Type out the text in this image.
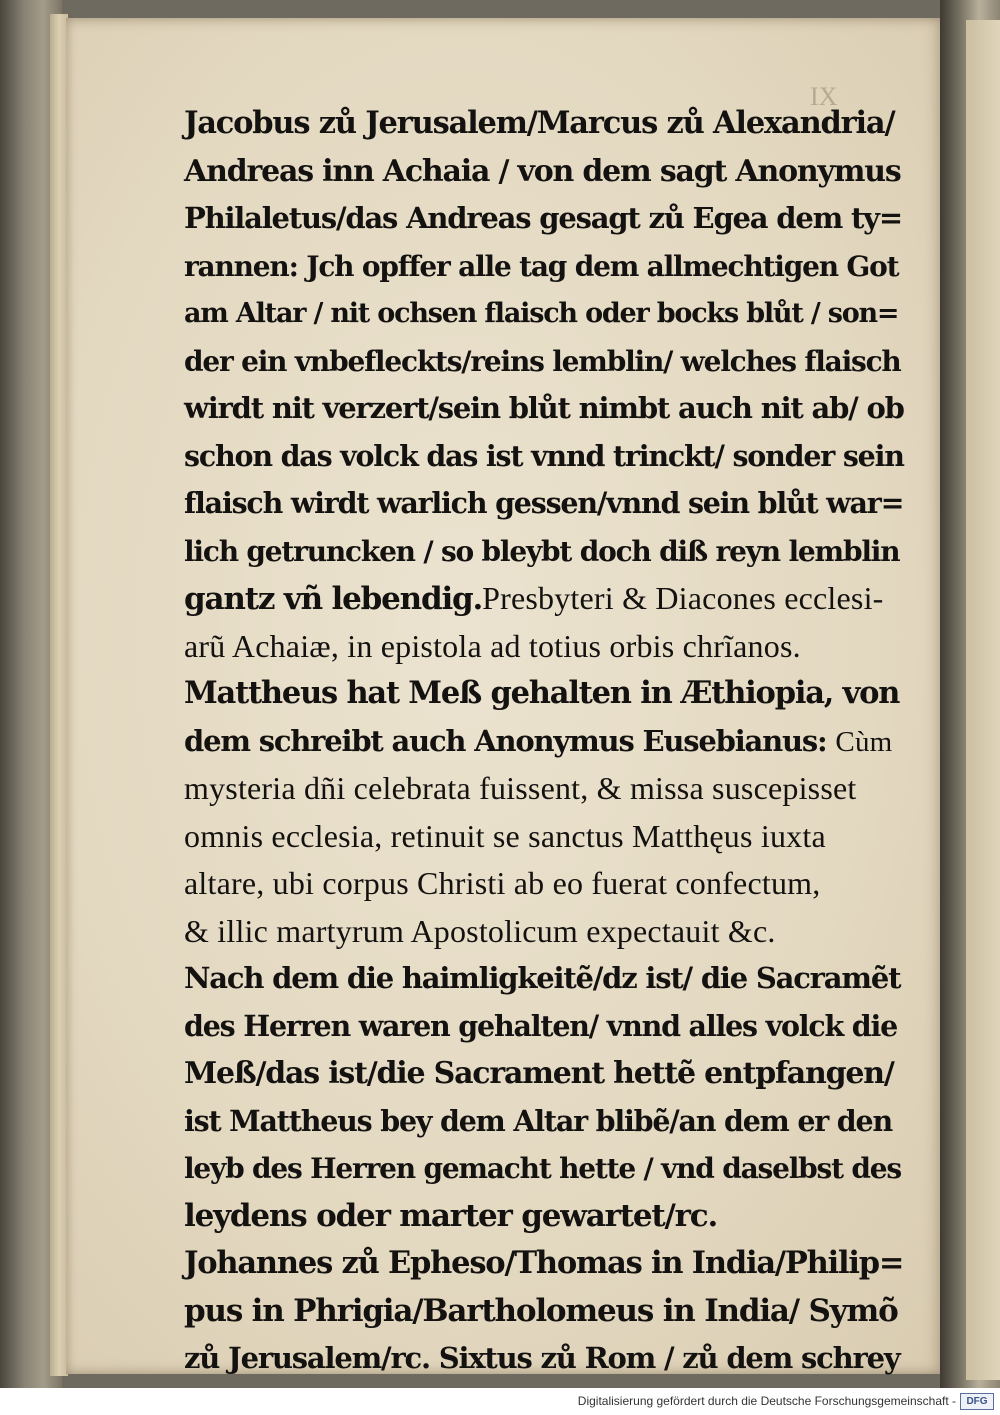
IX
Jacobus zů Jerusalem/Marcus zů Alexandria/
Andreas inn Achaia / von dem sagt Anonymus
Philaletus/das Andreas gesagt zů Egea dem ty=
rannen: Jch opffer alle tag dem allmechtigen Got
am Altar / nit ochsen flaisch oder bocks blůt / son=
der ein vnbefleckts/reins lemblin/ welches flaisch
wirdt nit verzert/sein blůt nimbt auch nit ab/ ob
schon das volck das ist vnnd trinckt/ sonder sein
flaisch wirdt warlich gessen/vnnd sein blůt war=
lich getruncken / so bleybt doch diß reyn lemblin
gantz vñ lebendig.Presbyteri & Diacones ecclesi-
arũ Achaiæ, in epistola ad totius orbis chrĩanos.
Mattheus hat Meß gehalten in Æthiopia, von
dem schreibt auch Anonymus Eusebianus: Cùm
mysteria dñi celebrata fuissent, & missa suscepisset
omnis ecclesia, retinuit se sanctus Matthęus iuxta
altare, ubi corpus Christi ab eo fuerat confectum,
& illic martyrum Apostolicum expectauit &c.
Nach dem die haimligkeitẽ/dz ist/ die Sacramẽt
des Herren waren gehalten/ vnnd alles volck die
Meß/das ist/die Sacrament hettẽ entpfangen/
ist Mattheus bey dem Altar blibẽ/an dem er den
leyb des Herren gemacht hette / vnd daselbst des
leydens oder marter gewartet/rc.
Johannes zů Epheso/Thomas in India/Philip=
pus in Phrigia/Bartholomeus in India/ Symõ
zů Jerusalem/rc. Sixtus zů Rom / zů dem schrey
Digitalisierung gefördert durch die Deutsche Forschungsgemeinschaft -	DFG
